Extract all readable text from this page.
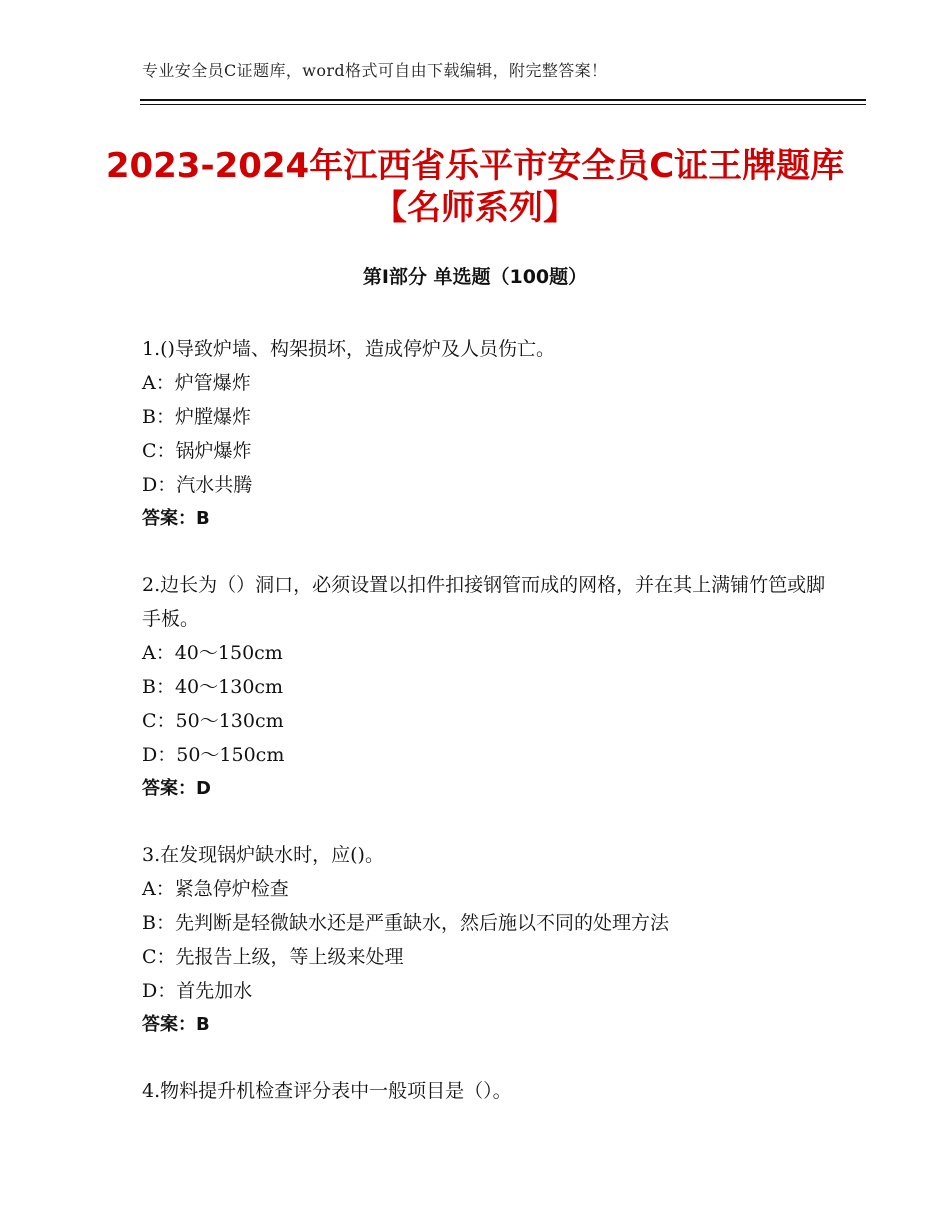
专业安全员C证题库，word格式可自由下载编辑，附完整答案！
2023-2024年江西省乐平市安全员C证王牌题库【名师系列】
第Ⅰ部分 单选题（100题）

1.()导致炉墙、构架损坏，造成停炉及人员伤亡。

A：炉管爆炸

B：炉膛爆炸

C：锅炉爆炸

D：汽水共腾

答案：B

2.边长为（）洞口，必须设置以扣件扣接钢管而成的网格，并在其上满铺竹笆或脚手板。

A：40～150cm

B：40～130cm

C：50～130cm

D：50～150cm

答案：D

3.在发现锅炉缺水时，应()。

A：紧急停炉检查

B：先判断是轻微缺水还是严重缺水，然后施以不同的处理方法

C：先报告上级，等上级来处理

D：首先加水

答案：B

4.物料提升机检查评分表中一般项目是（）。
